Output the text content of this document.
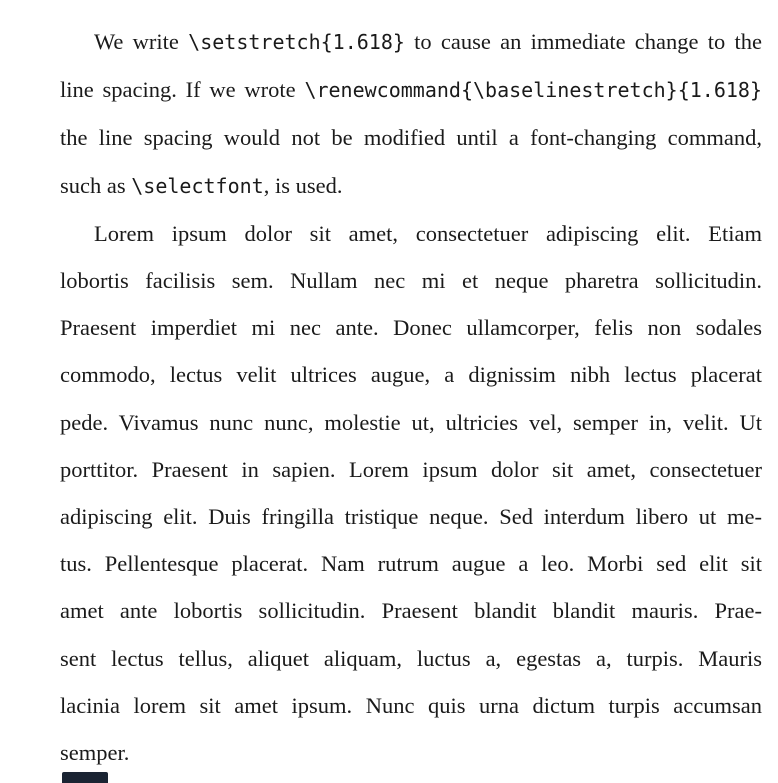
We write \setstretch{1.618} to cause an immediate change to the
line spacing. If we wrote \renewcommand{\baselinestretch}{1.618}
the line spacing would not be modified until a font-changing command,
such as \selectfont, is used.
Lorem ipsum dolor sit amet, consectetuer adipiscing elit. Etiam
lobortis facilisis sem. Nullam nec mi et neque pharetra sollicitudin.
Praesent imperdiet mi nec ante. Donec ullamcorper, felis non sodales
commodo, lectus velit ultrices augue, a dignissim nibh lectus placerat
pede. Vivamus nunc nunc, molestie ut, ultricies vel, semper in, velit. Ut
porttitor. Praesent in sapien. Lorem ipsum dolor sit amet, consectetuer
adipiscing elit. Duis fringilla tristique neque. Sed interdum libero ut me-
tus. Pellentesque placerat. Nam rutrum augue a leo. Morbi sed elit sit
amet ante lobortis sollicitudin. Praesent blandit blandit mauris. Prae-
sent lectus tellus, aliquet aliquam, luctus a, egestas a, turpis. Mauris
lacinia lorem sit amet ipsum. Nunc quis urna dictum turpis accumsan
semper.
